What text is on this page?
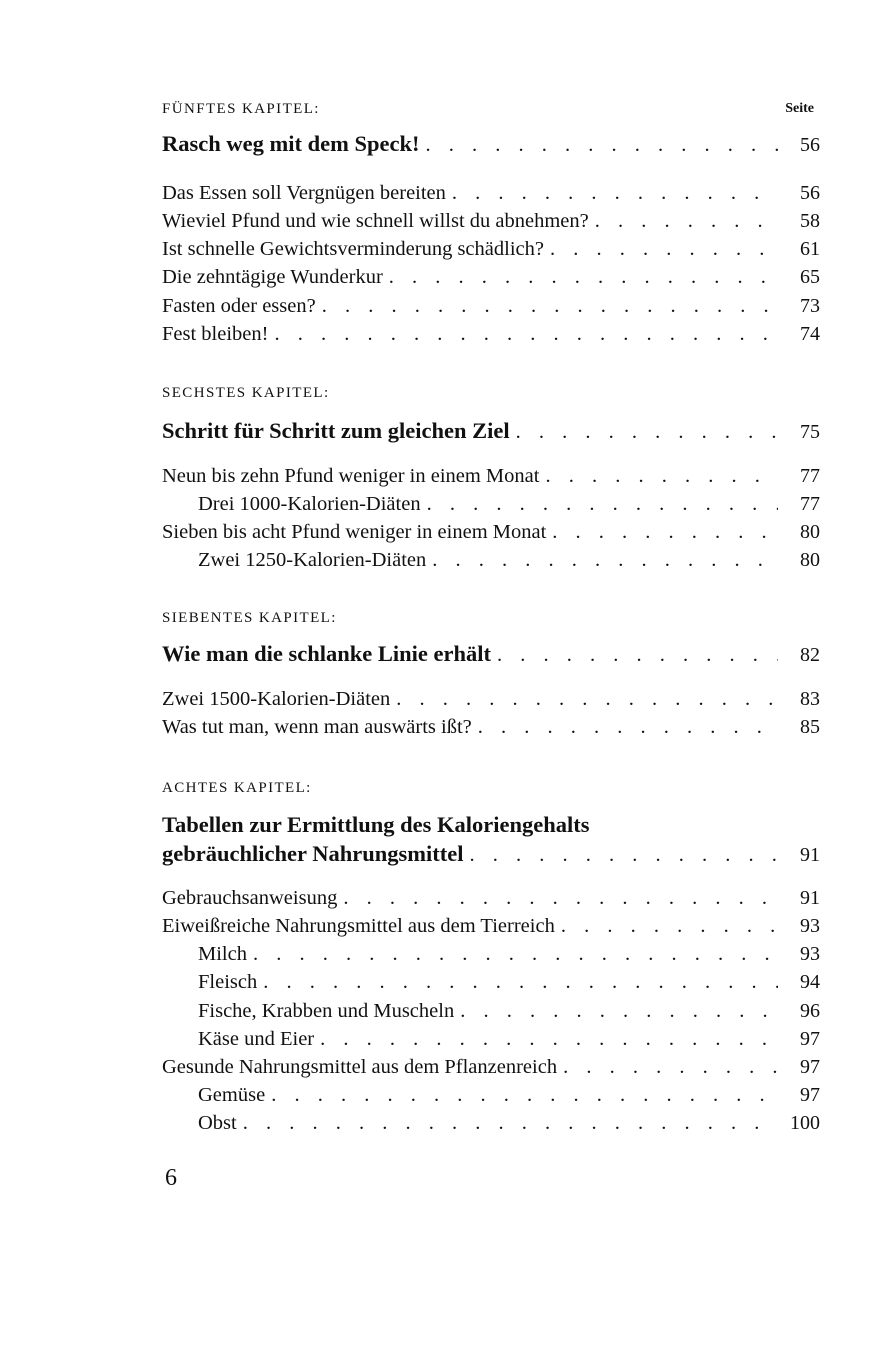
FÜNFTES KAPITEL:	Seite
Rasch weg mit dem Speck! . . .	56
Das Essen soll Vergnügen bereiten . . .	56
Wieviel Pfund und wie schnell willst du abnehmen? . . .	58
Ist schnelle Gewichtsverminderung schädlich? . . .	61
Die zehntägige Wunderkur . . .	65
Fasten oder essen? . . .	73
Fest bleiben! . . .	74
SECHSTES KAPITEL:
Schritt für Schritt zum gleichen Ziel . . .	75
Neun bis zehn Pfund weniger in einem Monat . . .	77
Drei 1000-Kalorien-Diäten . . .	77
Sieben bis acht Pfund weniger in einem Monat . . .	80
Zwei 1250-Kalorien-Diäten . . .	80
SIEBENTES KAPITEL:
Wie man die schlanke Linie erhält . . .	82
Zwei 1500-Kalorien-Diäten . . .	83
Was tut man, wenn man auswärts ißt? . . .	85
ACHTES KAPITEL:
Tabellen zur Ermittlung des Kaloriengehalts
gebräuchlicher Nahrungsmittel . . .	91
Gebrauchsanweisung . . .	91
Eiweißreiche Nahrungsmittel aus dem Tierreich . . .	93
Milch . . .	93
Fleisch . . .	94
Fische, Krabben und Muscheln . . .	96
Käse und Eier . . .	97
Gesunde Nahrungsmittel aus dem Pflanzenreich . . .	97
Gemüse . . .	97
Obst . . .	100
6
